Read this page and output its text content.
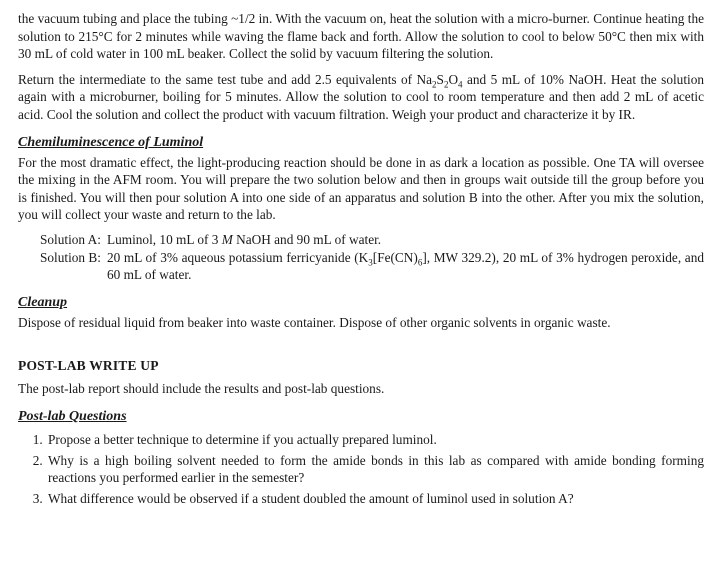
the vacuum tubing and place the tubing ~1/2 in. With the vacuum on, heat the solution with a micro-burner. Continue heating the solution to 215°C for 2 minutes while waving the flame back and forth. Allow the solution to cool to below 50°C then mix with 30 mL of cold water in 100 mL beaker. Collect the solid by vacuum filtering the solution.

Return the intermediate to the same test tube and add 2.5 equivalents of $Na_2S_2O_4$ and 5 mL of 10% NaOH. Heat the solution again with a microburner, boiling for 5 minutes. Allow the solution to cool to room temperature and then add 2 mL of acetic acid. Cool the solution and collect the product with vacuum filtration. Weigh your product and characterize it by IR.

Chemiluminescence of Luminol

For the most dramatic effect, the light-producing reaction should be done in as dark a location as possible. One TA will oversee the mixing in the AFM room. You will prepare the two solution below and then in groups wait outside till the group before you is finished. You will then pour solution A into one side of an apparatus and solution B into the other. After you mix the solution, you will collect your waste and return to the lab.

Solution A: Luminol, 10 mL of 3 M NaOH and 90 mL of water.
Solution B: 20 mL of 3% aqueous potassium ferricyanide ($K_3[Fe(CN)_6]$, MW 329.2), 20 mL of 3% hydrogen peroxide, and 60 mL of water.
Cleanup

Dispose of residual liquid from beaker into waste container. Dispose of other organic solvents in organic waste.

POST-LAB WRITE UP

The post-lab report should include the results and post-lab questions.

Post-lab Questions
1. Propose a better technique to determine if you actually prepared luminol.
2. Why is a high boiling solvent needed to form the amide bonds in this lab as compared with amide bonding forming reactions you performed earlier in the semester?
3. What difference would be observed if a student doubled the amount of luminol used in solution A?
